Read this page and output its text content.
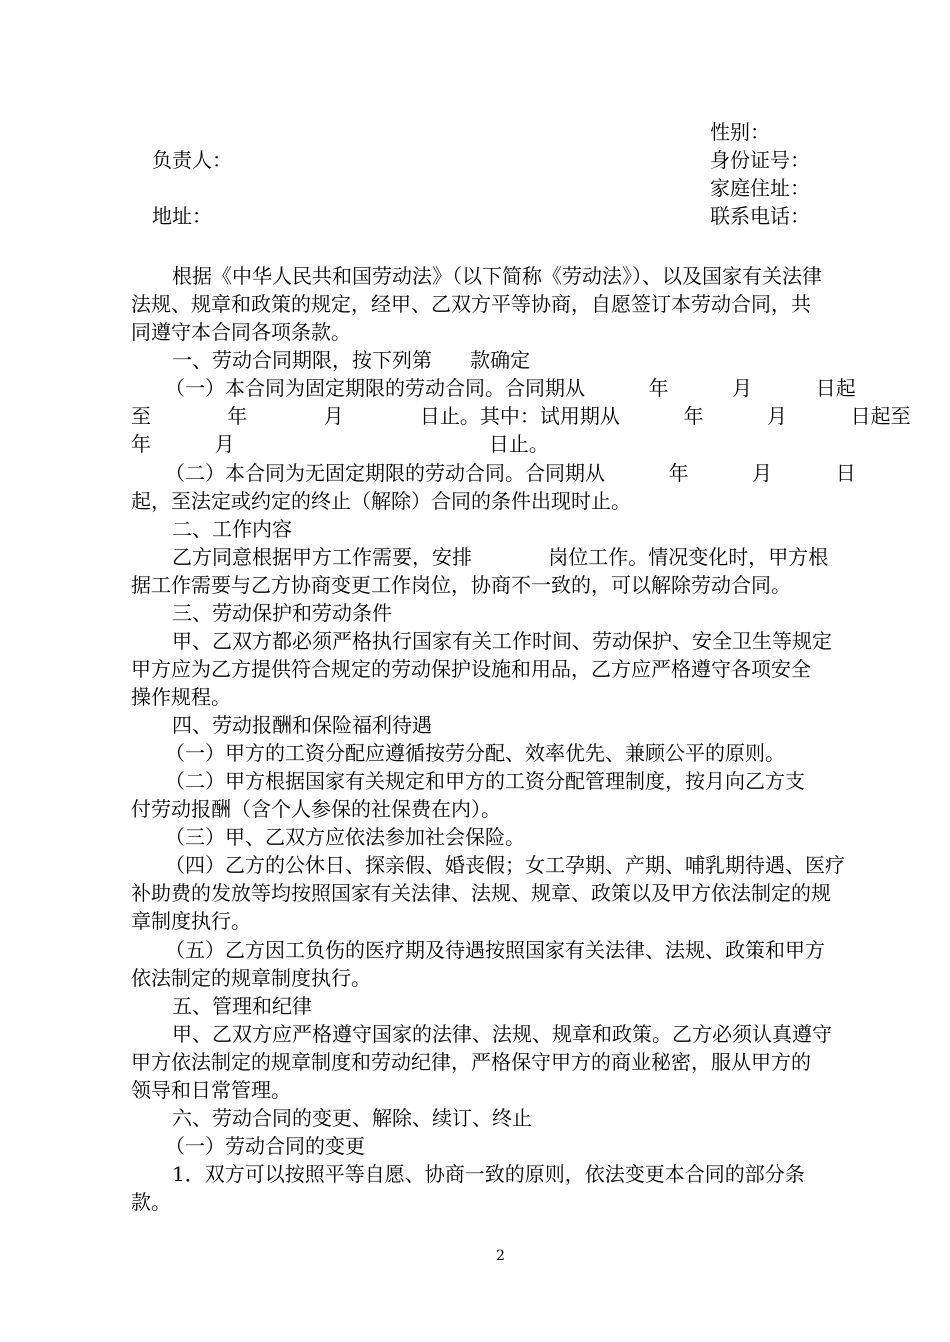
性别：
负责人：	身份证号：
家庭住址：
地址：	联系电话：
根据《中华人民共和国劳动法》（以下简称《劳动法》）、以及国家有关法律
法规、规章和政策的规定，经甲、乙双方平等协商，自愿签订本劳动合同，共
同遵守本合同各项条款。
一、劳动合同期限，按下列第      款确定
（一）本合同为固定期限的劳动合同。合同期从          年          月          日起
至            年            月            日止。其中：试用期从          年          月          日起至
年          月                                        日止。
（二）本合同为无固定期限的劳动合同。合同期从          年          月          日
起，至法定或约定的终止（解除）合同的条件出现时止。
二、工作内容
乙方同意根据甲方工作需要，安排            岗位工作。情况变化时，甲方根
据工作需要与乙方协商变更工作岗位，协商不一致的，可以解除劳动合同。
三、劳动保护和劳动条件
甲、乙双方都必须严格执行国家有关工作时间、劳动保护、安全卫生等规定
甲方应为乙方提供符合规定的劳动保护设施和用品，乙方应严格遵守各项安全
操作规程。
四、劳动报酬和保险福利待遇
（一）甲方的工资分配应遵循按劳分配、效率优先、兼顾公平的原则。
（二）甲方根据国家有关规定和甲方的工资分配管理制度，按月向乙方支
付劳动报酬（含个人参保的社保费在内）。
（三）甲、乙双方应依法参加社会保险。
（四）乙方的公休日、探亲假、婚丧假；女工孕期、产期、哺乳期待遇、医疗
补助费的发放等均按照国家有关法律、法规、规章、政策以及甲方依法制定的规
章制度执行。
（五）乙方因工负伤的医疗期及待遇按照国家有关法律、法规、政策和甲方
依法制定的规章制度执行。
五、管理和纪律
甲、乙双方应严格遵守国家的法律、法规、规章和政策。乙方必须认真遵守
甲方依法制定的规章制度和劳动纪律，严格保守甲方的商业秘密，服从甲方的
领导和日常管理。
六、劳动合同的变更、解除、续订、终止
（一）劳动合同的变更
1．双方可以按照平等自愿、协商一致的原则，依法变更本合同的部分条
款。
2
